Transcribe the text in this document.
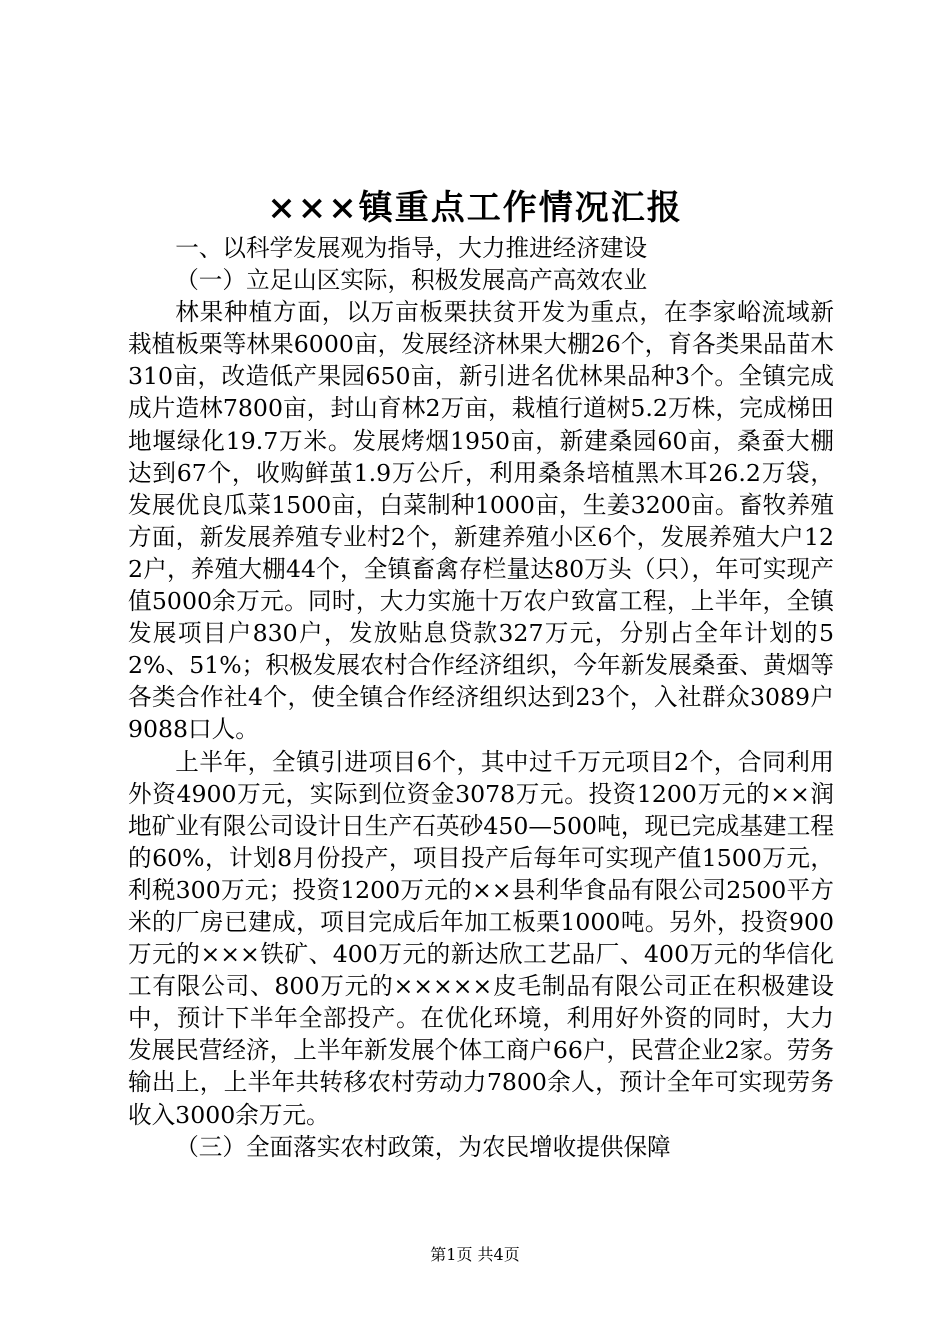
×××镇重点工作情况汇报

一、以科学发展观为指导，大力推进经济建设

（一）立足山区实际，积极发展高产高效农业

林果种植方面，以万亩板栗扶贫开发为重点，在李家峪流域新栽植板栗等林果6000亩，发展经济林果大棚26个，育各类果品苗木310亩，改造低产果园650亩，新引进名优林果品种3个。全镇完成成片造林7800亩，封山育林2万亩，栽植行道树5.2万株，完成梯田地堰绿化19.7万米。发展烤烟1950亩，新建桑园60亩，桑蚕大棚达到67个，收购鲜茧1.9万公斤，利用桑条培植黑木耳26.2万袋，发展优良瓜菜1500亩，白菜制种1000亩，生姜3200亩。畜牧养殖方面，新发展养殖专业村2个，新建养殖小区6个，发展养殖大户122户，养殖大棚44个，全镇畜禽存栏量达80万头（只），年可实现产值5000余万元。同时，大力实施十万农户致富工程，上半年，全镇发展项目户830户，发放贴息贷款327万元，分别占全年计划的52%、51%；积极发展农村合作经济组织，今年新发展桑蚕、黄烟等各类合作社4个，使全镇合作经济组织达到23个，入社群众3089户9088口人。

上半年，全镇引进项目6个，其中过千万元项目2个，合同利用外资4900万元，实际到位资金3078万元。投资1200万元的××润地矿业有限公司设计日生产石英砂450—500吨，现已完成基建工程的60%，计划8月份投产，项目投产后每年可实现产值1500万元，利税300万元；投资1200万元的××县利华食品有限公司2500平方米的厂房已建成，项目完成后年加工板栗1000吨。另外，投资900万元的×××铁矿、400万元的新达欣工艺品厂、400万元的华信化工有限公司、800万元的×××××皮毛制品有限公司正在积极建设中，预计下半年全部投产。在优化环境，利用好外资的同时，大力发展民营经济，上半年新发展个体工商户66户，民营企业2家。劳务输出上，上半年共转移农村劳动力7800余人，预计全年可实现劳务收入3000余万元。

（三）全面落实农村政策，为农民增收提供保障

第1页 共4页
